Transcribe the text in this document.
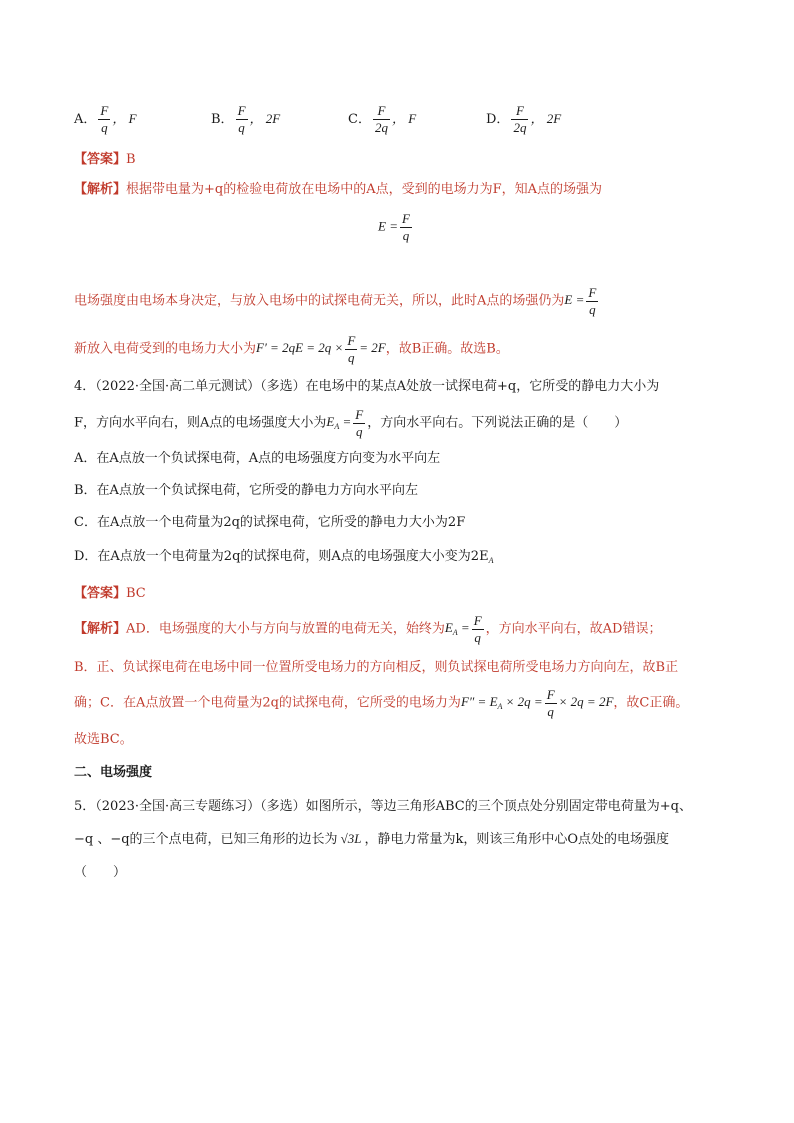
A． $\frac{F}{q}$ ， F	B． $\frac{F}{q}$ ， 2F	C． $\frac{F}{2q}$ ， F	D． $\frac{F}{2q}$ ， 2F
【答案】B
【解析】根据带电量为+q的检验电荷放在电场中的A点，受到的电场力为F，知A点的场强为
$E = \frac{F}{q}$
电场强度由电场本身决定，与放入电场中的试探电荷无关，所以，此时A点的场强仍为$E = \frac{F}{q}$
新放入电荷受到的电场力大小为$F' = 2qE = 2q \times \frac{F}{q} = 2F$，故B正确。故选B。
4．（2022·全国·高二单元测试）（多选）在电场中的某点A处放一试探电荷+q，它所受的静电力大小为
F，方向水平向右，则A点的电场强度大小为$E_A = \frac{F}{q}$ ，方向水平向右。下列说法正确的是（　　）
A．在A点放一个负试探电荷，A点的电场强度方向变为水平向左
B．在A点放一个负试探电荷，它所受的静电力方向水平向左
C．在A点放一个电荷量为2q的试探电荷，它所受的静电力大小为2F
D．在A点放一个电荷量为2q的试探电荷，则A点的电场强度大小变为$2E_A$
【答案】BC
【解析】AD．电场强度的大小与方向与放置的电荷无关，始终为$E_A = \frac{F}{q}$ ，方向水平向右，故AD错误；
B．正、负试探电荷在电场中同一位置所受电场力的方向相反，则负试探电荷所受电场力方向向左，故B正
确；C．在A点放置一个电荷量为2q的试探电荷，它所受的电场力为$F'' = E_A \times 2q = \frac{F}{q} \times 2q = 2F$，故C正确。
故选BC。
二、电场强度
5．（2023·全国·高三专题练习）（多选）如图所示，等边三角形ABC的三个顶点处分别固定带电荷量为+q、
−q 、−q的三个点电荷，已知三角形的边长为 √3L ，静电力常量为k，则该三角形中心O点处的电场强度
（　　）
